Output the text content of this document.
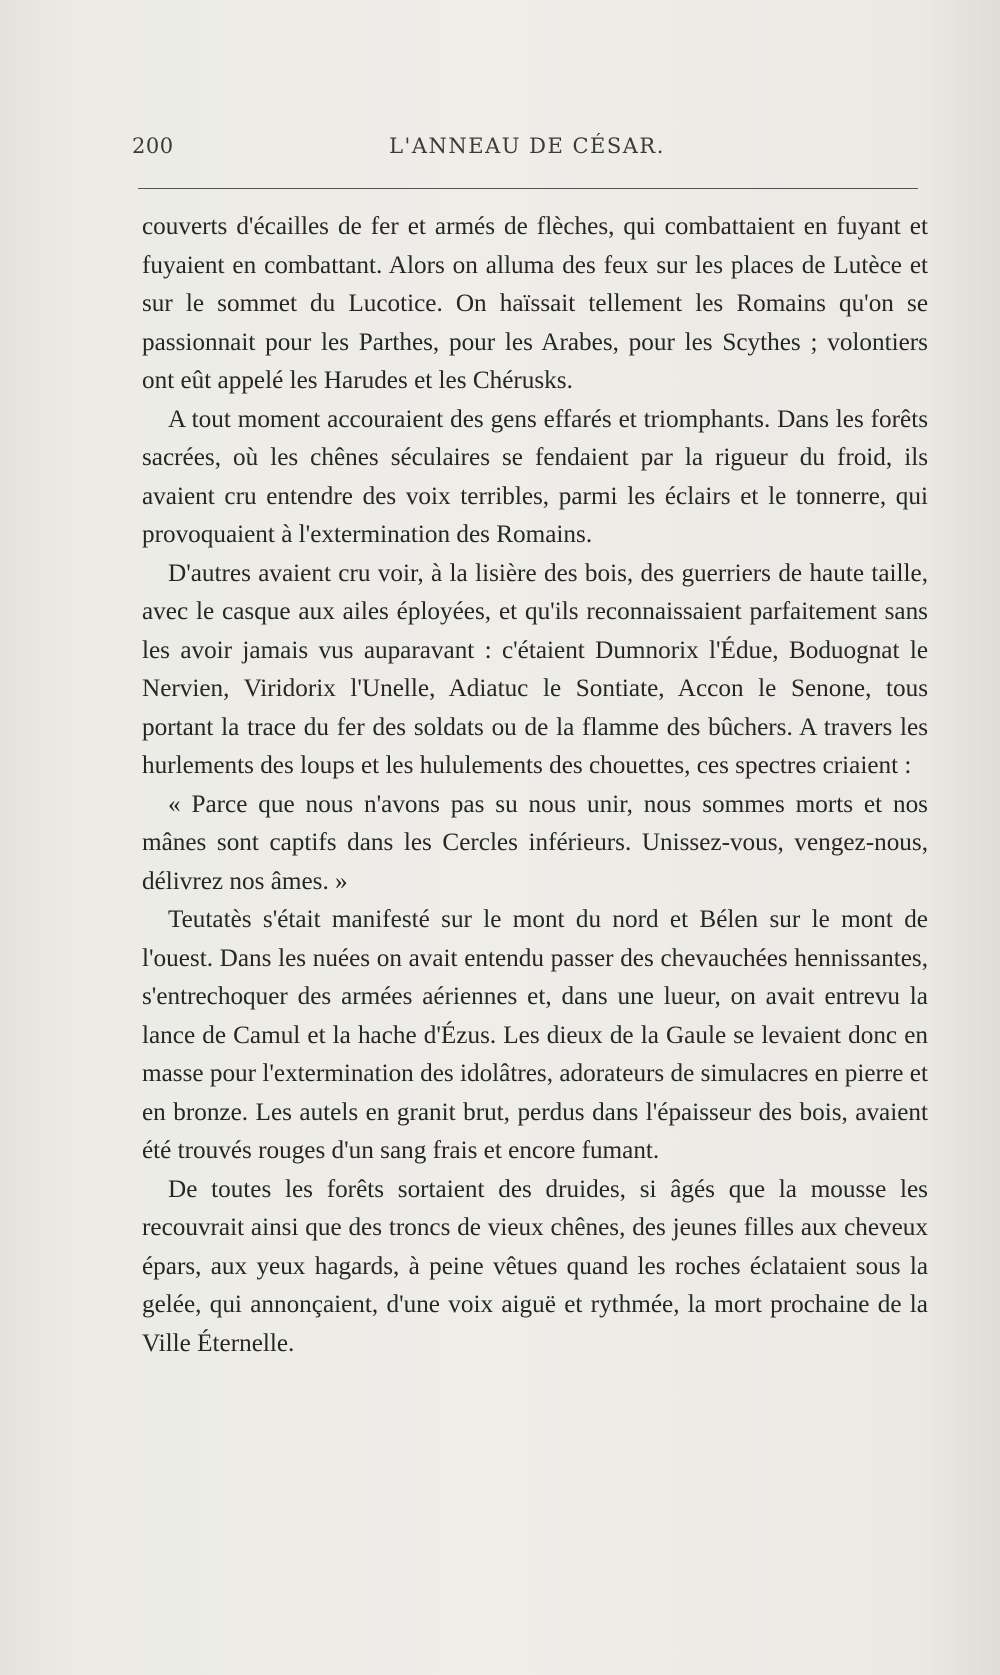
200	L'ANNEAU DE CÉSAR.

couverts d'écailles de fer et armés de flèches, qui combattaient en fuyant et fuyaient en combattant. Alors on alluma des feux sur les places de Lutèce et sur le sommet du Lucotice. On haïssait tellement les Romains qu'on se passionnait pour les Parthes, pour les Arabes, pour les Scythes ; volontiers ont eût appelé les Harudes et les Chérusks.

A tout moment accouraient des gens effarés et triomphants. Dans les forêts sacrées, où les chênes séculaires se fendaient par la rigueur du froid, ils avaient cru entendre des voix terribles, parmi les éclairs et le tonnerre, qui provoquaient à l'extermination des Romains.

D'autres avaient cru voir, à la lisière des bois, des guerriers de haute taille, avec le casque aux ailes éployées, et qu'ils reconnaissaient parfaitement sans les avoir jamais vus auparavant : c'étaient Dumnorix l'Édue, Boduognat le Nervien, Viridorix l'Unelle, Adiatuc le Sontiate, Accon le Senone, tous portant la trace du fer des soldats ou de la flamme des bûchers. A travers les hurlements des loups et les hululements des chouettes, ces spectres criaient :

« Parce que nous n'avons pas su nous unir, nous sommes morts et nos mânes sont captifs dans les Cercles inférieurs. Unissez-vous, vengez-nous, délivrez nos âmes. »

Teutatès s'était manifesté sur le mont du nord et Bélen sur le mont de l'ouest. Dans les nuées on avait entendu passer des chevauchées hennissantes, s'entrechoquer des armées aériennes et, dans une lueur, on avait entrevu la lance de Camul et la hache d'Ézus. Les dieux de la Gaule se levaient donc en masse pour l'extermination des idolâtres, adorateurs de simulacres en pierre et en bronze. Les autels en granit brut, perdus dans l'épaisseur des bois, avaient été trouvés rouges d'un sang frais et encore fumant.

De toutes les forêts sortaient des druides, si âgés que la mousse les recouvrait ainsi que des troncs de vieux chênes, des jeunes filles aux cheveux épars, aux yeux hagards, à peine vêtues quand les roches éclataient sous la gelée, qui annonçaient, d'une voix aiguë et rythmée, la mort prochaine de la Ville Éternelle.
